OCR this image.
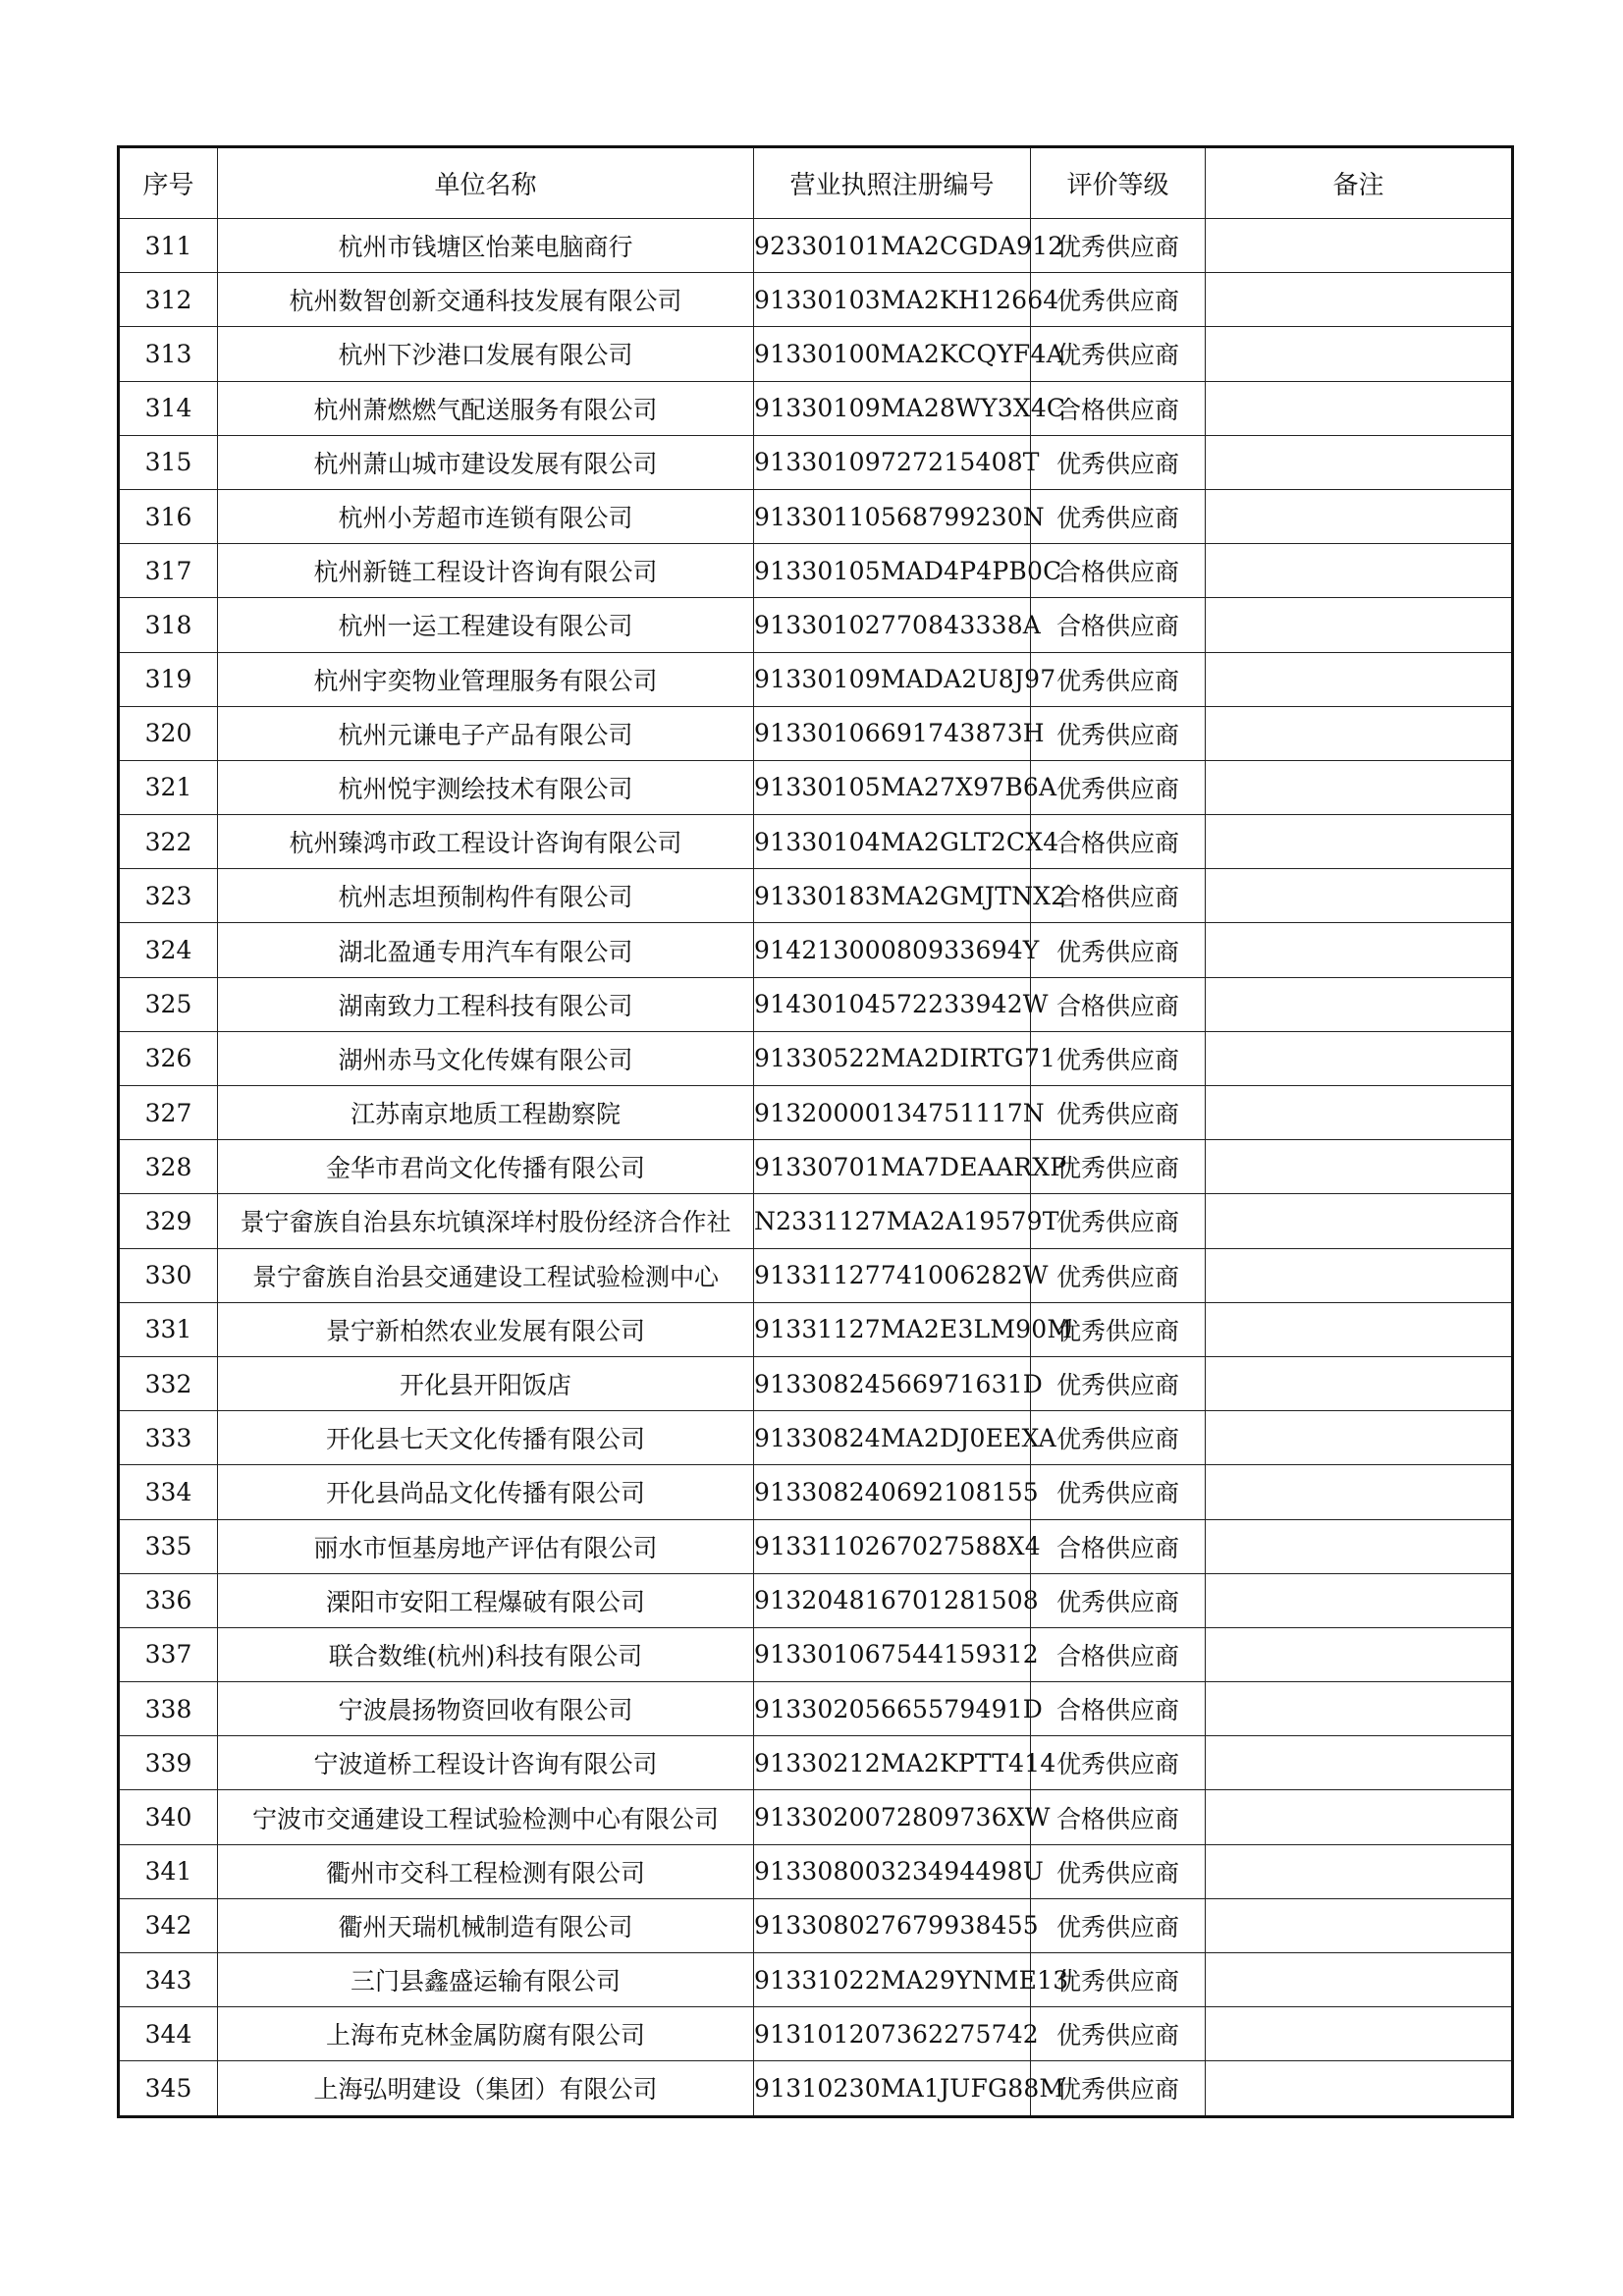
序号	单位名称	营业执照注册编号	评价等级	备注
311	杭州市钱塘区怡莱电脑商行	92330101MA2CGDA912	优秀供应商	
312	杭州数智创新交通科技发展有限公司	91330103MA2KH12664	优秀供应商	
313	杭州下沙港口发展有限公司	91330100MA2KCQYF4A	优秀供应商	
314	杭州萧燃燃气配送服务有限公司	91330109MA28WY3X4C	合格供应商	
315	杭州萧山城市建设发展有限公司	91330109727215408T	优秀供应商	
316	杭州小芳超市连锁有限公司	91330110568799230N	优秀供应商	
317	杭州新链工程设计咨询有限公司	91330105MAD4P4PB0C	合格供应商	
318	杭州一运工程建设有限公司	91330102770843338A	合格供应商	
319	杭州宇奕物业管理服务有限公司	91330109MADA2U8J97	优秀供应商	
320	杭州元谦电子产品有限公司	91330106691743873H	优秀供应商	
321	杭州悦宇测绘技术有限公司	91330105MA27X97B6A	优秀供应商	
322	杭州臻鸿市政工程设计咨询有限公司	91330104MA2GLT2CX4	合格供应商	
323	杭州志坦预制构件有限公司	91330183MA2GMJTNX2	合格供应商	
324	湖北盈通专用汽车有限公司	91421300080933694Y	优秀供应商	
325	湖南致力工程科技有限公司	91430104572233942W	合格供应商	
326	湖州赤马文化传媒有限公司	91330522MA2DIRTG71	优秀供应商	
327	江苏南京地质工程勘察院	91320000134751117N	优秀供应商	
328	金华市君尚文化传播有限公司	91330701MA7DEAARXP	优秀供应商	
329	景宁畲族自治县东坑镇深垟村股份经济合作社	N2331127MA2A19579T	优秀供应商	
330	景宁畲族自治县交通建设工程试验检测中心	91331127741006282W	优秀供应商	
331	景宁新柏然农业发展有限公司	91331127MA2E3LM90M	优秀供应商	
332	开化县开阳饭店	91330824566971631D	优秀供应商	
333	开化县七天文化传播有限公司	91330824MA2DJ0EEXA	优秀供应商	
334	开化县尚品文化传播有限公司	913308240692108155	优秀供应商	
335	丽水市恒基房地产评估有限公司	9133110267027588X4	合格供应商	
336	溧阳市安阳工程爆破有限公司	913204816701281508	优秀供应商	
337	联合数维(杭州)科技有限公司	913301067544159312	合格供应商	
338	宁波晨扬物资回收有限公司	91330205665579491D	合格供应商	
339	宁波道桥工程设计咨询有限公司	91330212MA2KPTT414	优秀供应商	
340	宁波市交通建设工程试验检测中心有限公司	9133020072809736XW	合格供应商	
341	衢州市交科工程检测有限公司	91330800323494498U	优秀供应商	
342	衢州天瑞机械制造有限公司	913308027679938455	优秀供应商	
343	三门县鑫盛运输有限公司	91331022MA29YNME13	优秀供应商	
344	上海布克林金属防腐有限公司	913101207362275742	优秀供应商	
345	上海弘明建设（集团）有限公司	91310230MA1JUFG88M	优秀供应商	
